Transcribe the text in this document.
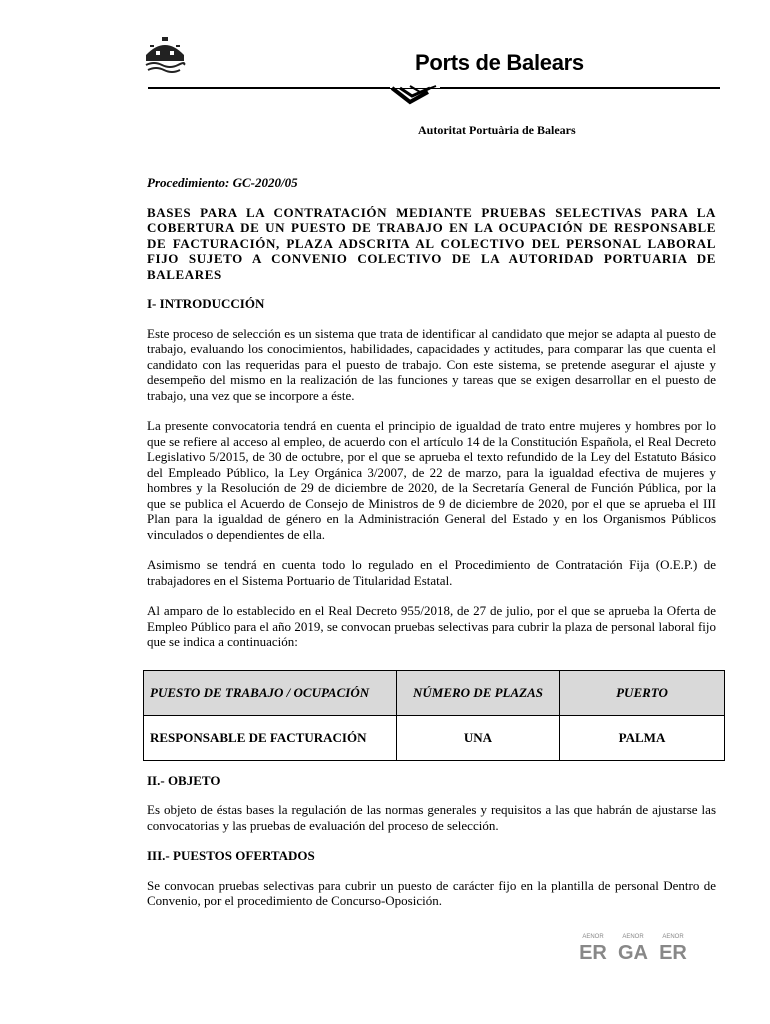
Ports de Balears
Autoritat Portuària de Balears

Procedimiento: GC-2020/05

BASES PARA LA CONTRATACIÓN MEDIANTE PRUEBAS SELECTIVAS PARA LA COBERTURA DE UN PUESTO DE TRABAJO EN LA OCUPACIÓN DE RESPONSABLE DE FACTURACIÓN, PLAZA ADSCRITA AL COLECTIVO DEL PERSONAL LABORAL FIJO SUJETO A CONVENIO COLECTIVO DE LA AUTORIDAD PORTUARIA DE BALEARES

I- INTRODUCCIÓN

Este proceso de selección es un sistema que trata de identificar al candidato que mejor se adapta al puesto de trabajo, evaluando los conocimientos, habilidades, capacidades y actitudes, para comparar las que cuenta el candidato con las requeridas para el puesto de trabajo. Con este sistema, se pretende asegurar el ajuste y desempeño del mismo en la realización de las funciones y tareas que se exigen desarrollar en el puesto de trabajo, una vez que se incorpore a éste.

La presente convocatoria tendrá en cuenta el principio de igualdad de trato entre mujeres y hombres por lo que se refiere al acceso al empleo, de acuerdo con el artículo 14 de la Constitución Española, el Real Decreto Legislativo 5/2015, de 30 de octubre, por el que se aprueba el texto refundido de la Ley del Estatuto Básico del Empleado Público, la Ley Orgánica 3/2007, de 22 de marzo, para la igualdad efectiva de mujeres y hombres y la Resolución de 29 de diciembre de 2020, de la Secretaría General de Función Pública, por la que se publica el Acuerdo de Consejo de Ministros de 9 de diciembre de 2020, por el que se aprueba el III Plan para la igualdad de género en la Administración General del Estado y en los Organismos Públicos vinculados o dependientes de ella.

Asimismo se tendrá en cuenta todo lo regulado en el Procedimiento de Contratación Fija (O.E.P.) de trabajadores en el Sistema Portuario de Titularidad Estatal.

Al amparo de lo establecido en el Real Decreto 955/2018, de 27 de julio, por el que se aprueba la Oferta de Empleo Público para el año 2019, se convocan pruebas selectivas para cubrir la plaza de personal laboral fijo que se indica a continuación:

PUESTO DE TRABAJO / OCUPACIÓN	NÚMERO DE PLAZAS	PUERTO
RESPONSABLE DE FACTURACIÓN	UNA	PALMA

II.- OBJETO

Es objeto de éstas bases la regulación de las normas generales y requisitos a las que habrán de ajustarse las convocatorias y las pruebas de evaluación del proceso de selección.

III.- PUESTOS OFERTADOS

Se convocan pruebas selectivas para cubrir un puesto de carácter fijo en la plantilla de personal Dentro de Convenio, por el procedimiento de Concurso-Oposición.

AENOR
ER
AENOR
GA
AENOR
ER
